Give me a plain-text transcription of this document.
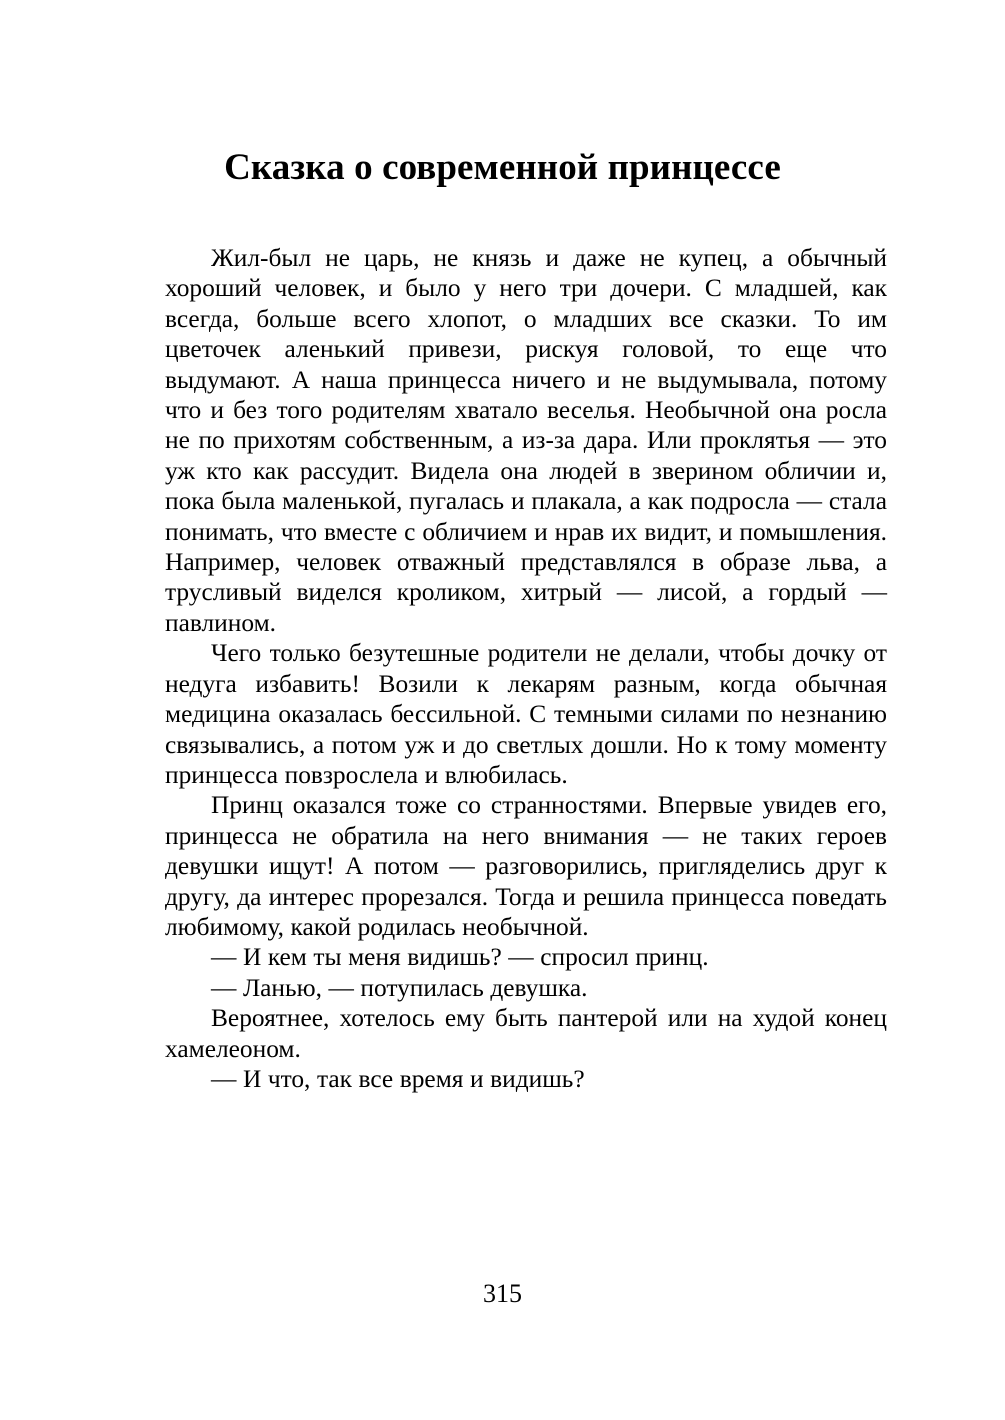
Сказка о современной принцессе

Жил-был не царь, не князь и даже не купец, а обычный хороший человек, и было у него три дочери. С младшей, как всегда, больше всего хлопот, о младших все сказки. То им цветочек аленький привези, рискуя головой, то еще что выдумают. А наша принцесса ничего и не выдумывала, потому что и без того родителям хватало веселья. Необычной она росла не по прихотям собственным, а из-за дара. Или проклятья — это уж кто как рассудит. Видела она людей в зверином обличии и, пока была маленькой, пугалась и плакала, а как подросла — стала понимать, что вместе с обличием и нрав их видит, и помышления. Например, человек отважный представлялся в образе льва, а трусливый виделся кроликом, хитрый — лисой, а гордый — павлином.

Чего только безутешные родители не делали, чтобы дочку от недуга избавить! Возили к лекарям разным, когда обычная медицина оказалась бессильной. С темными силами по незнанию связывались, а потом уж и до светлых дошли. Но к тому моменту принцесса повзрослела и влюбилась.

Принц оказался тоже со странностями. Впервые увидев его, принцесса не обратила на него внимания — не таких героев девушки ищут! А потом — разговорились, пригляделись друг к другу, да интерес прорезался. Тогда и решила принцесса поведать любимому, какой родилась необычной.

— И кем ты меня видишь? — спросил принц.

— Ланью, — потупилась девушка.

Вероятнее, хотелось ему быть пантерой или на худой конец хамелеоном.

— И что, так все время и видишь?

315
